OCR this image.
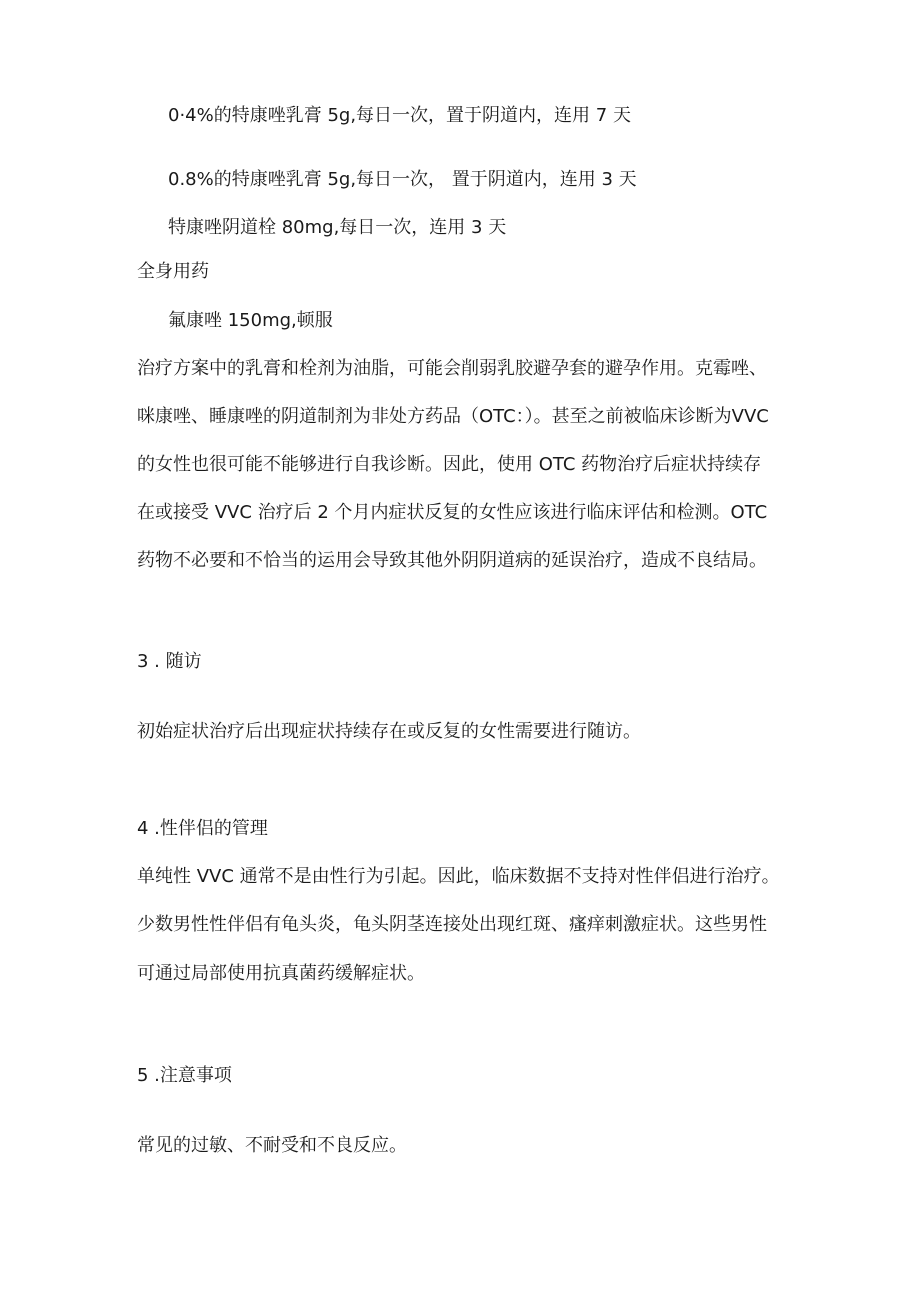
0·4%的特康唑乳膏 5g,每日一次，置于阴道内，连用 7 天
0.8%的特康唑乳膏 5g,每日一次， 置于阴道内，连用 3 天
特康唑阴道栓 80mg,每日一次，连用 3 天
全身用药
氟康唑 150mg,顿服
治疗方案中的乳膏和栓剂为油脂，可能会削弱乳胶避孕套的避孕作用。克霉唑、
咪康唑、睡康唑的阴道制剂为非处方药品（OTC：）。甚至之前被临床诊断为VVC
的女性也很可能不能够进行自我诊断。因此，使用 OTC 药物治疗后症状持续存
在或接受 VVC 治疗后 2 个月内症状反复的女性应该进行临床评估和检测。OTC
药物不必要和不恰当的运用会导致其他外阴阴道病的延误治疗，造成不良结局。
3 . 随访
初始症状治疗后出现症状持续存在或反复的女性需要进行随访。
4 .性伴侣的管理
单纯性 VVC 通常不是由性行为引起。因此，临床数据不支持对性伴侣进行治疗。
少数男性性伴侣有龟头炎，龟头阴茎连接处出现红斑、瘙痒刺激症状。这些男性
可通过局部使用抗真菌药缓解症状。
5 .注意事项
常见的过敏、不耐受和不良反应。
